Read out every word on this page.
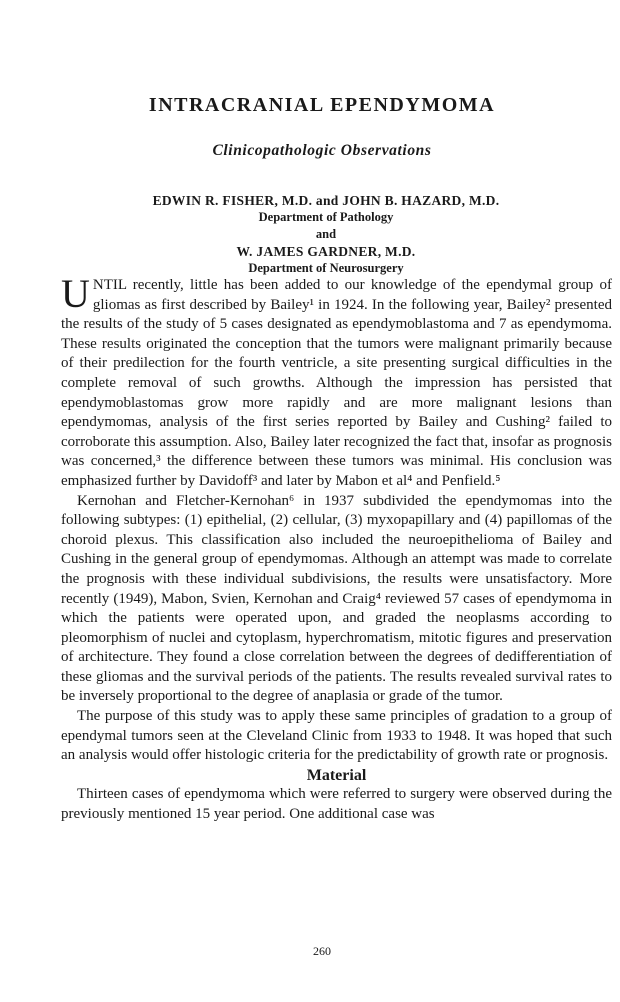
INTRACRANIAL EPENDYMOMA
Clinicopathologic Observations
EDWIN R. FISHER, M.D. and JOHN B. HAZARD, M.D.
Department of Pathology
and
W. JAMES GARDNER, M.D.
Department of Neurosurgery

UNTIL recently, little has been added to our knowledge of the ependymal group of gliomas as first described by Bailey¹ in 1924. In the following year, Bailey² presented the results of the study of 5 cases designated as ependymoblastoma and 7 as ependymoma. These results originated the conception that the tumors were malignant primarily because of their predilection for the fourth ventricle, a site presenting surgical difficulties in the complete removal of such growths. Although the impression has persisted that ependymoblastomas grow more rapidly and are more malignant lesions than ependymomas, analysis of the first series reported by Bailey and Cushing² failed to corroborate this assumption. Also, Bailey later recognized the fact that, insofar as prognosis was concerned,³ the difference between these tumors was minimal. His conclusion was emphasized further by Davidoff³ and later by Mabon et al⁴ and Penfield.⁵

Kernohan and Fletcher-Kernohan⁶ in 1937 subdivided the ependymomas into the following subtypes: (1) epithelial, (2) cellular, (3) myxopapillary and (4) papillomas of the choroid plexus. This classification also included the neuroepithelioma of Bailey and Cushing in the general group of ependymomas. Although an attempt was made to correlate the prognosis with these individual subdivisions, the results were unsatisfactory. More recently (1949), Mabon, Svien, Kernohan and Craig⁴ reviewed 57 cases of ependymoma in which the patients were operated upon, and graded the neoplasms according to pleomorphism of nuclei and cytoplasm, hyperchromatism, mitotic figures and preservation of architecture. They found a close correlation between the degrees of dedifferentiation of these gliomas and the survival periods of the patients. The results revealed survival rates to be inversely proportional to the degree of anaplasia or grade of the tumor.

The purpose of this study was to apply these same principles of gradation to a group of ependymal tumors seen at the Cleveland Clinic from 1933 to 1948. It was hoped that such an analysis would offer histologic criteria for the predictability of growth rate or prognosis.

Material

Thirteen cases of ependymoma which were referred to surgery were observed during the previously mentioned 15 year period. One additional case was

260
